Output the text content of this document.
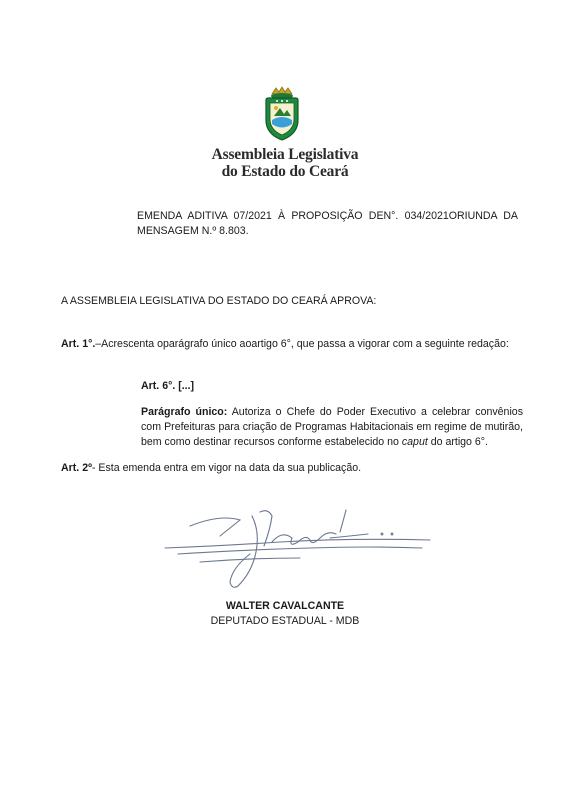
Assembleia Legislativa
do Estado do Ceará
EMENDA ADITIVA 07/2021 À PROPOSIÇÃO DEN°. 034/2021ORIUNDA DA
MENSAGEM N.º 8.803.
A ASSEMBLEIA LEGISLATIVA DO ESTADO DO CEARÁ APROVA:
Art. 1°.–Acrescenta oparágrafo único aoartigo 6°, que passa a vigorar com a seguinte redação:
Art. 6°. [...]
Parágrafo único: Autoriza o Chefe do Poder Executivo a celebrar convênios com Prefeituras para criação de Programas Habitacionais em regime de mutirão, bem como destinar recursos conforme estabelecido no caput do artigo 6°.
Art. 2º- Esta emenda entra em vigor na data da sua publicação.
WALTER CAVALCANTE
DEPUTADO ESTADUAL - MDB
